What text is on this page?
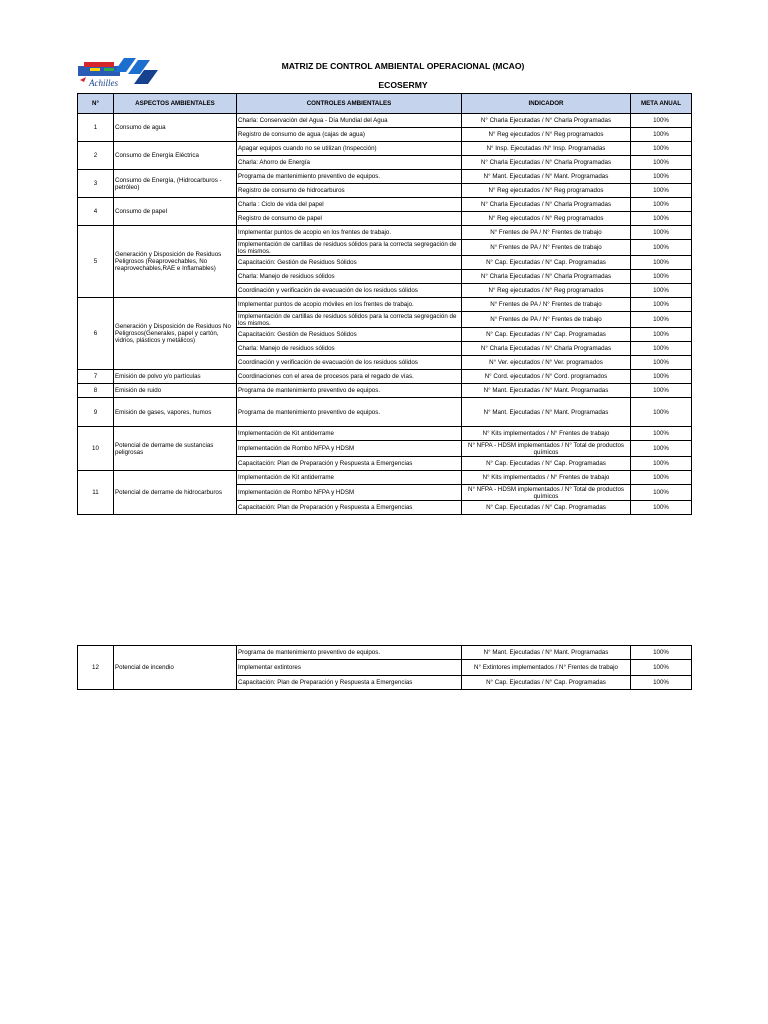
Achilles
MATRIZ DE CONTROL AMBIENTAL OPERACIONAL (MCAO)
ECOSERMY
N°	ASPECTOS AMBIENTALES	CONTROLES AMBIENTALES	INDICADOR	META ANUAL
1	Consumo de agua	Charla: Conservación del Agua - Día Mundial del Agua	N° Charla Ejecutadas / N° Charla Programadas	100%
		Registro de consumo de agua (cajas de agua)	N° Reg ejecutados / N° Reg programados	100%
2	Consumo de Energía Eléctrica	Apagar equipos cuando no se utilizan (Inspección)	N° Insp. Ejecutadas /N° Insp. Programadas	100%
		Charla: Ahorro de Energía	N° Charla Ejecutadas / N° Charla Programadas	100%
3	Consumo de Energía, (Hidrocarburos - petróleo)	Programa de mantenimiento preventivo de equipos.	N° Mant. Ejecutadas / N° Mant. Programadas	100%
		Registro de consumo de hidrocarburos	N° Reg ejecutados / N° Reg programados	100%
4	Consumo de papel	Charla : Ciclo de vida del papel	N° Charla Ejecutadas / N° Charla Programadas	100%
		Registro de consumo de papel	N° Reg ejecutados / N° Reg programados	100%
5	Generación y Disposición de Residuos Peligrosos (Reaprovechables, No reaprovechables,RAE e Inflamables)	Implementar puntos de acopio en los frentes de trabajo.	N° Frentes de PA / N° Frentes de trabajo	100%
		Implementación de cartillas de residuos sólidos para la correcta segregación de los mismos.	N° Frentes de PA / N° Frentes de trabajo	100%
		Capacitación: Gestión de Residuos Sólidos	N° Cap. Ejecutadas / N° Cap. Programadas	100%
		Charla: Manejo de residuos sólidos	N° Charla Ejecutadas / N° Charla Programadas	100%
		Coordinación y verificación de evacuación de los residuos sólidos	N° Reg ejecutados / N° Reg programados	100%
6	Generación y Disposición de Residuos No Peligrosos(Generales, papel y cartón, vidrios, plásticos y metálicos)	Implementar puntos de acopio móviles en los frentes de trabajo.	N° Frentes de PA / N° Frentes de trabajo	100%
		Implementación de cartillas de residuos sólidos para la correcta segregación de los mismos.	N° Frentes de PA / N° Frentes de trabajo	100%
		Capacitación: Gestión de Residuos Sólidos	N° Cap. Ejecutadas / N° Cap. Programadas	100%
		Charla: Manejo de residuos sólidos	N° Charla Ejecutadas / N° Charla Programadas	100%
		Coordinación y verificación de evacuación de los residuos sólidos	N° Ver. ejecutados / N° Ver. programados	100%
7	Emisión de polvo y/o partículas	Coordinaciones con el area de procesos para el regado de vías.	N° Cord. ejecutados / N° Cord. programados	100%
8	Emisión de ruido	Programa de mantenimiento preventivo de equipos.	N° Mant. Ejecutadas / N° Mant. Programadas	100%
9	Emisión de gases, vapores, humos	Programa de mantenimiento preventivo de equipos.	N° Mant. Ejecutadas / N° Mant. Programadas	100%
10	Potencial de derrame de sustancias peligrosas	Implementación de Kit antiderrame	N° Kits implementados / N° Frentes de trabajo	100%
		Implementación de Rombo NFPA y HDSM	N° NFPA - HDSM implementados / N° Total de productos químicos	100%
		Capacitación: Plan de Preparación y Respuesta a Emergencias	N° Cap. Ejecutadas / N° Cap. Programadas	100%
11	Potencial de derrame de hidrocarburos	Implementación de Kit antiderrame	N° Kits implementados / N° Frentes de trabajo	100%
		Implementación de Rombo NFPA y HDSM	N° NFPA - HDSM implementados / N° Total de productos químicos	100%
		Capacitación: Plan de Preparación y Respuesta a Emergencias	N° Cap. Ejecutadas / N° Cap. Programadas	100%
12	Potencial de incendio	Programa de mantenimiento preventivo de equipos.	N° Mant. Ejecutadas / N° Mant. Programadas	100%
		Implementar extintores	N° Extintores implementados / N° Frentes de trabajo	100%
		Capacitación: Plan de Preparación y Respuesta a Emergencias	N° Cap. Ejecutadas / N° Cap. Programadas	100%
